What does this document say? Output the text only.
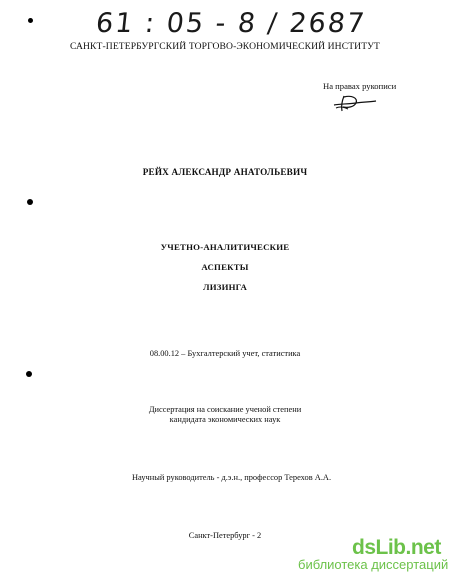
61 : 05 - 8 / 2687
САНКТ-ПЕТЕРБУРГСКИЙ ТОРГОВО-ЭКОНОМИЧЕСКИЙ ИНСТИТУТ
На правах рукописи
РЕЙХ АЛЕКСАНДР АНАТОЛЬЕВИЧ
УЧЕТНО-АНАЛИТИЧЕСКИЕ
АСПЕКТЫ
ЛИЗИНГА
08.00.12 – Бухгалтерский учет, статистика
Диссертация на соискание ученой степени
кандидата экономических наук
Научный руководитель - д.э.н., профессор Терехов А.А.
Санкт-Петербург - 2
dsLib.net
библиотека диссертаций
